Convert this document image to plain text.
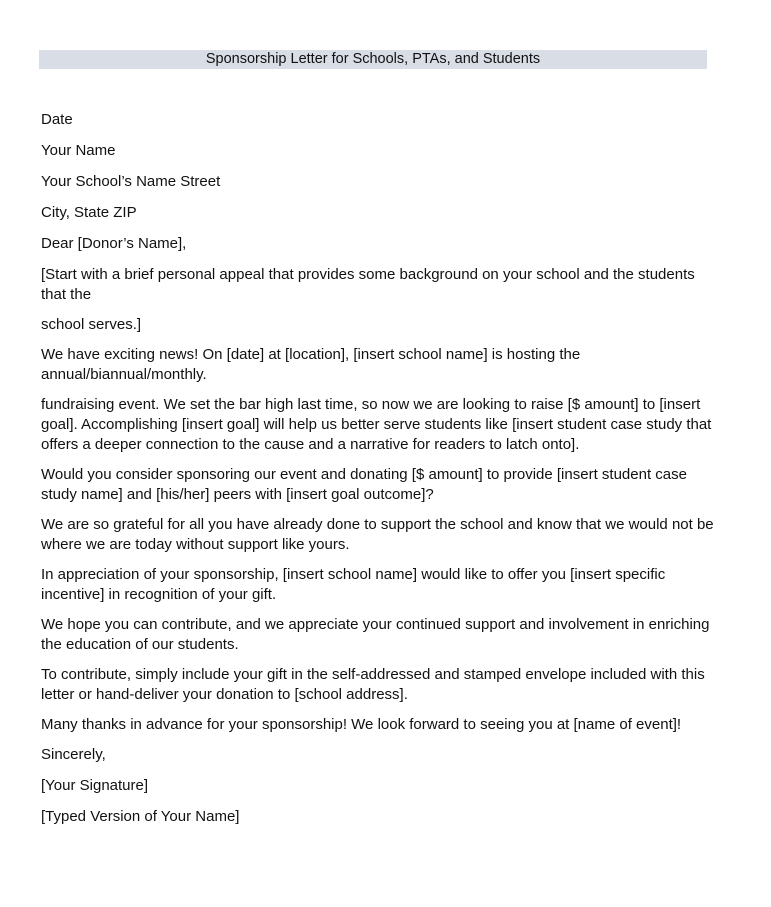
Sponsorship Letter for Schools, PTAs, and Students

Date

Your Name

Your School’s Name Street

City, State ZIP

Dear [Donor’s Name],

[Start with a brief personal appeal that provides some background on your school and the students that the

school serves.]

We have exciting news! On [date] at [location], [insert school name] is hosting the annual/biannual/monthly.

fundraising event. We set the bar high last time, so now we are looking to raise [$ amount] to [insert goal]. Accomplishing [insert goal] will help us better serve students like [insert student case study that offers a deeper connection to the cause and a narrative for readers to latch onto].

Would you consider sponsoring our event and donating [$ amount] to provide [insert student case study name] and [his/her] peers with [insert goal outcome]?

We are so grateful for all you have already done to support the school and know that we would not be where we are today without support like yours.

In appreciation of your sponsorship, [insert school name] would like to offer you [insert specific incentive] in recognition of your gift.

We hope you can contribute, and we appreciate your continued support and involvement in enriching the education of our students.

To contribute, simply include your gift in the self-addressed and stamped envelope included with this letter or hand-deliver your donation to [school address].

Many thanks in advance for your sponsorship! We look forward to seeing you at [name of event]!

Sincerely,

[Your Signature]

[Typed Version of Your Name]
